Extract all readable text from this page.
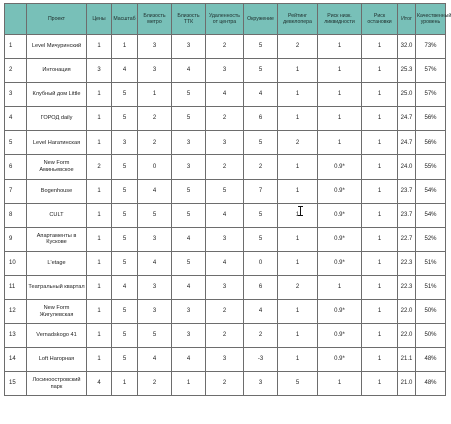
	Проект	Цены	Масштаб	Близость метро	Близость ТТК	Удаленность от центра	Окружение	Рейтинг девелопера	Риск низк. ликвидности	Риск остановки	Итог	Качественный уровень
1	Level Мичуринский	1	1	3	3	2	5	2	1	1	32.0	73%
2	Интонация	3	4	3	4	3	5	1	1	1	25.3	57%
3	Клубный дом Little	1	5	1	5	4	4	1	1	1	25.0	57%
4	ГОРОД daily	1	5	2	5	2	6	1	1	1	24.7	56%
5	Level Нагатинская	1	3	2	3	3	5	2	1	1	24.7	56%
6	New Form Аминьевское	2	5	0	3	2	2	1	0.9*	1	24.0	55%
7	Bogenhouse	1	5	4	5	5	7	1	0.9*	1	23.7	54%
8	CULT	1	5	5	5	4	5	1	0.9*	1	23.7	54%
9	Апартаменты в Кускове	1	5	3	4	3	5	1	0.9*	1	22.7	52%
10	L'etage	1	5	4	5	4	0	1	0.9*	1	22.3	51%
11	Театральный квартал	1	4	3	4	3	6	2	1	1	22.3	51%
12	New Form Жигулевская	1	5	3	3	2	4	1	0.9*	1	22.0	50%
13	Vernadskogo 41	1	5	5	3	2	2	1	0.9*	1	22.0	50%
14	Loft Нагорная	1	5	4	4	3	-3	1	0.9*	1	21.1	48%
15	Лосиноостровский парк	4	1	2	1	2	3	5	1	1	21.0	48%
